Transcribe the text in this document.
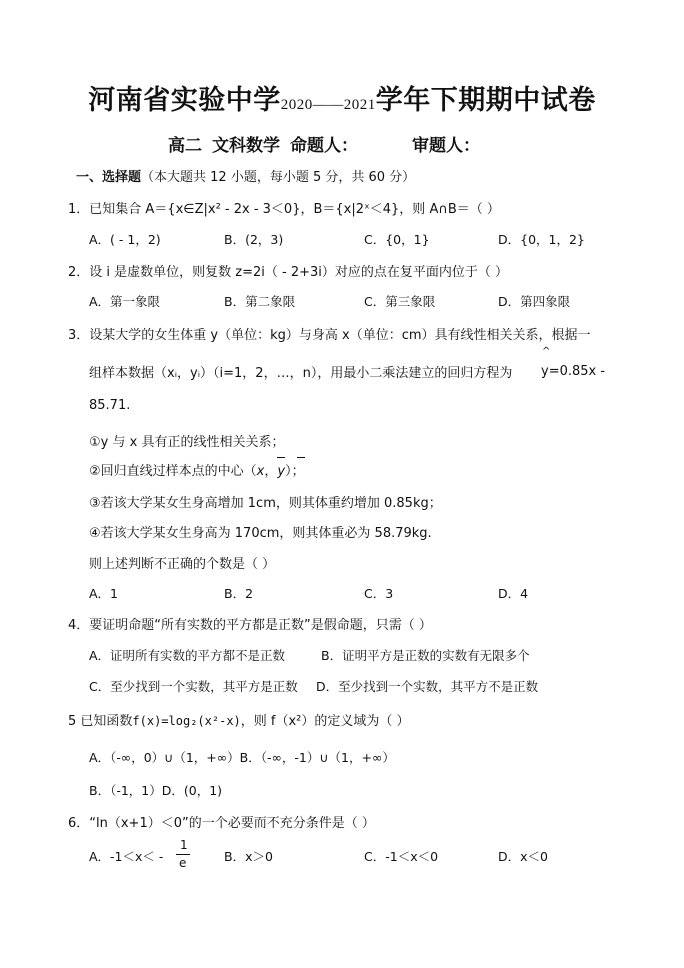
河南省实验中学2020——2021学年下期期中试卷
高二 文科数学 命题人：	审题人：
一、选择题（本大题共 12 小题，每小题 5 分，共 60 分）
1．已知集合 A＝{x∈Z|x² - 2x - 3＜0}，B＝{x|2ˣ＜4}，则 A∩B＝（ ）
A．( - 1，2)	B．(2，3)	C．{0，1}	D．{0，1，2}
2．设 i 是虚数单位，则复数 z=2i（ - 2+3i）对应的点在复平面内位于（ ）
A．第一象限	B．第二象限	C．第三象限	D．第四象限
3．设某大学的女生体重 y（单位：kg）与身高 x（单位：cm）具有线性相关关系，根据一
^
组样本数据（xᵢ，yᵢ）（i=1，2，…，n），用最小二乘法建立的回归方程为 y=0.85x -
85.71.
①y 与 x 具有正的线性相关关系；
②回归直线过样本点的中心（x，y）；
③若该大学某女生身高增加 1cm，则其体重约增加 0.85kg；
④若该大学某女生身高为 170cm，则其体重必为 58.79kg.
则上述判断不正确的个数是（ ）
A．1	B．2	C．3	D．4
4．要证明命题“所有实数的平方都是正数”是假命题，只需（ ）
A．证明所有实数的平方都不是正数	B．证明平方是正数的实数有无限多个
C．至少找到一个实数，其平方是正数 D．至少找到一个实数，其平方不是正数
5 已知函数f(x)=log₂(x²-x)，则 f（x²）的定义域为（ ）
A．（-∞，0）∪（1，+∞）B．（-∞，-1）∪（1，+∞）
B．（-1，1）D．(0，1)
6．“ln（x+1）＜0”的一个必要而不充分条件是（ ）
A．-1＜x＜ -
1
e	B．x＞0	C．-1＜x＜0	D．x＜0
